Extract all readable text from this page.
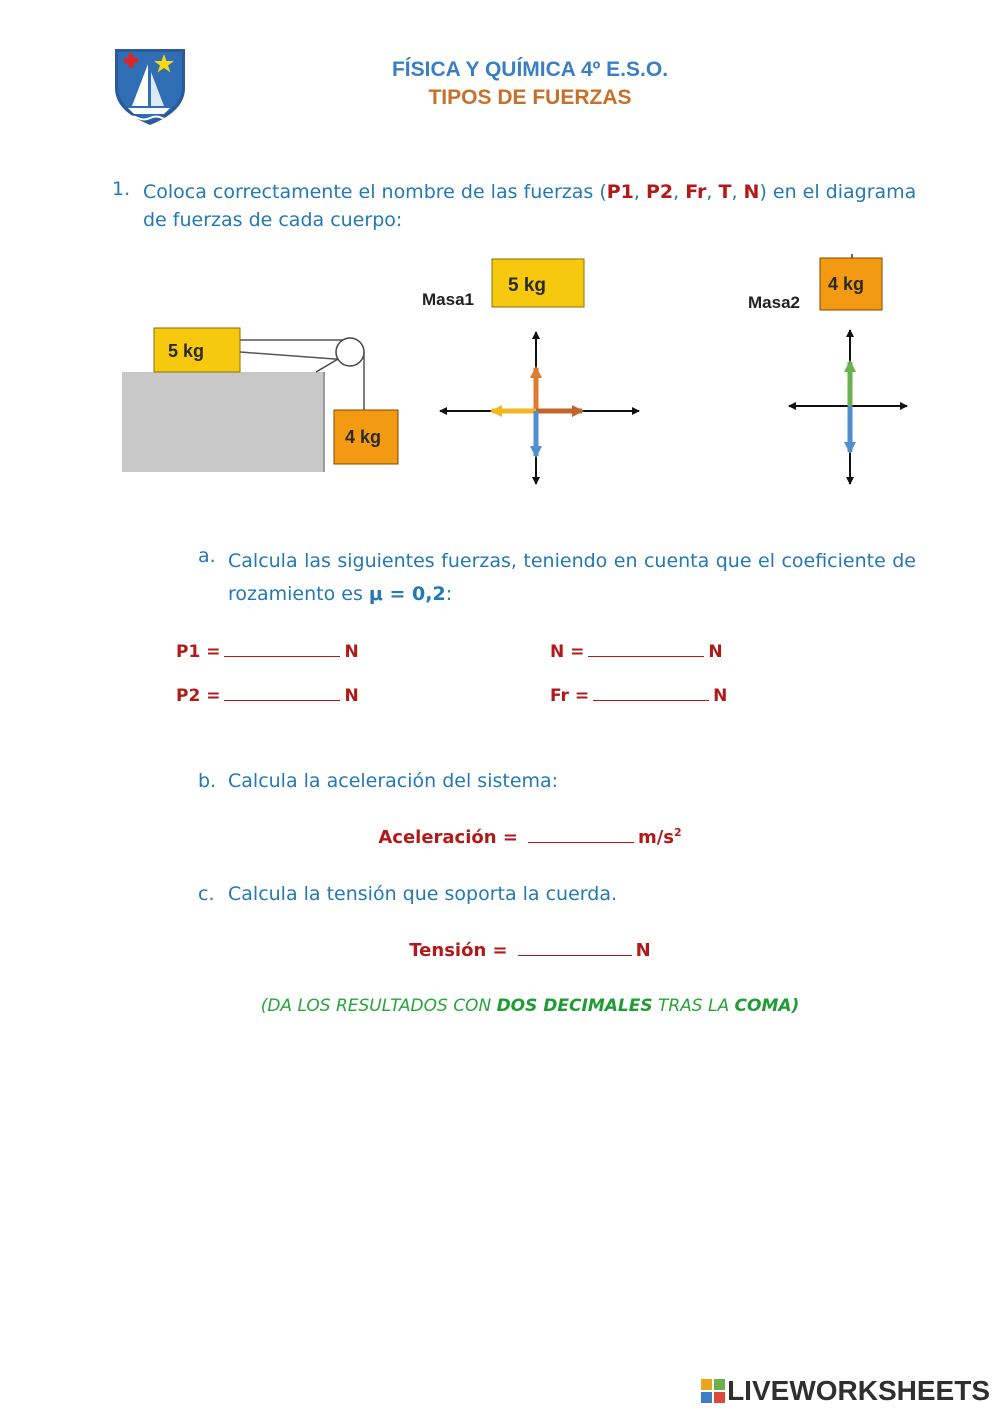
FÍSICA Y QUÍMICA 4º E.S.O.
TIPOS DE FUERZAS
1. Coloca correctamente el nombre de las fuerzas (P1, P2, Fr, T, N) en el diagrama de fuerzas de cada cuerpo:
5 kg
4 kg
Masa1
5 kg
Masa2
4 kg
a. Calcula las siguientes fuerzas, teniendo en cuenta que el coeficiente de rozamiento es μ = 0,2:
P1 =	N	N =	N
P2 =	N	Fr =	N
b. Calcula la aceleración del sistema:
Aceleración =	$m/s^2$
c. Calcula la tensión que soporta la cuerda.
Tensión =	N
(DA LOS RESULTADOS CON DOS DECIMALES TRAS LA COMA)
LIVEWORKSHEETS
